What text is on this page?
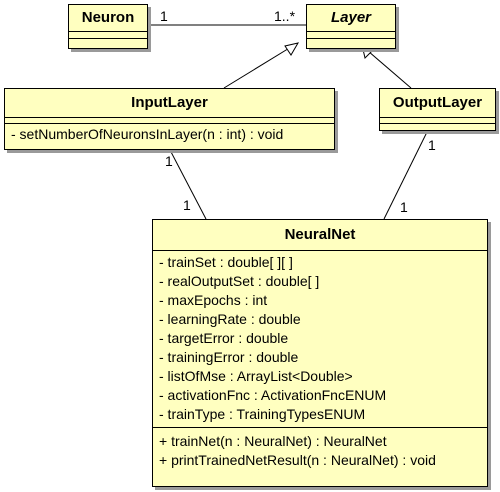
Neuron	Layer
InputLayer
- setNumberOfNeuronsInLayer(n : int) : void
OutputLayer
NeuralNet
- trainSet : double[ ][ ]
- realOutputSet : double[ ]
- maxEpochs : int
- learningRate : double
- targetError : double
- trainingError : double
- listOfMse : ArrayList<Double>
- activationFnc : ActivationFncENUM
- trainType : TrainingTypesENUM
+ trainNet(n : NeuralNet) : NeuralNet
+ printTrainedNetResult(n : NeuralNet) : void
1	1..*
1
1
1
1
